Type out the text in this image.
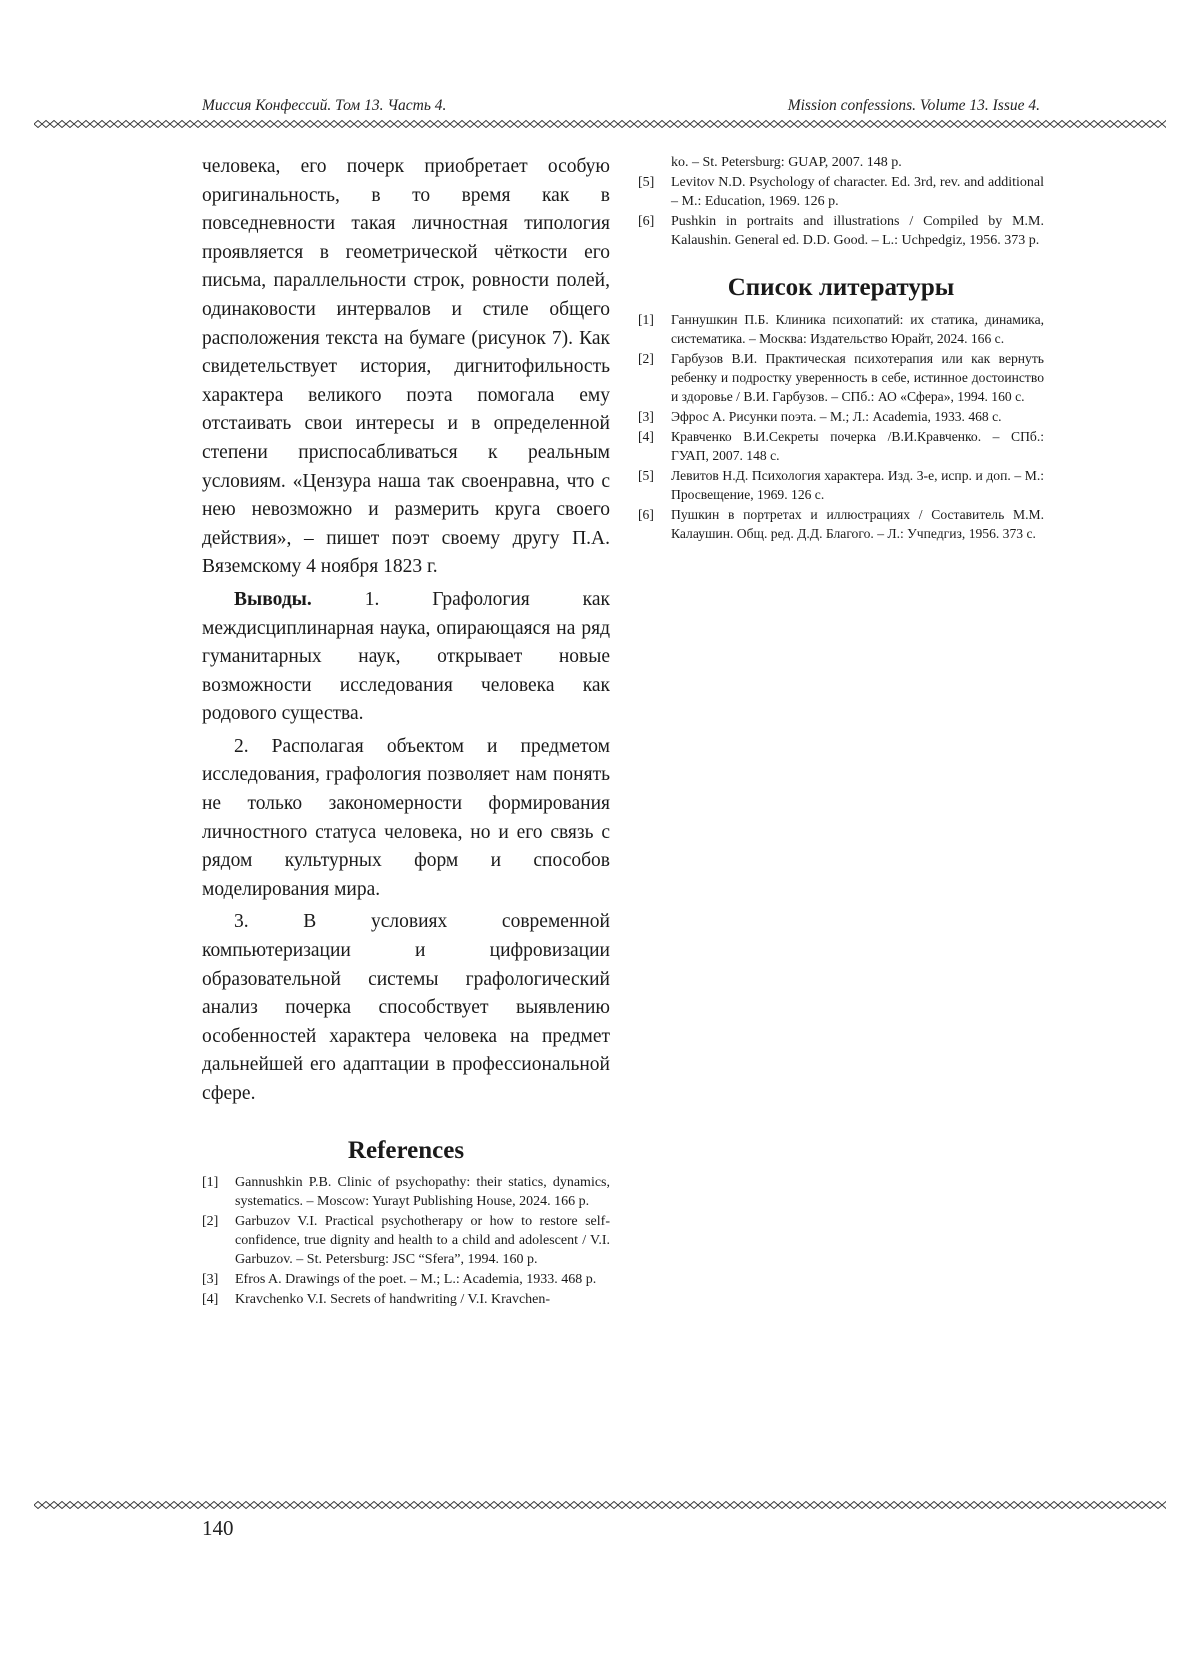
Миссия Конфессий. Том 13. Часть 4.	Mission confessions. Volume 13. Issue 4.

человека, его почерк приобретает особую оригинальность, в то время как в повседневности такая личностная типология проявляется в геометрической чёткости его письма, параллельности строк, ровности полей, одинаковости интервалов и стиле общего расположения текста на бумаге (рисунок 7). Как свидетельствует история, дигнитофильность характера великого поэта помогала ему отстаивать свои интересы и в определенной степени приспосабливаться к реальным условиям. «Цензура наша так своенравна, что с нею невозможно и размерить круга своего действия», – пишет поэт своему другу П.А. Вяземскому 4 ноября 1823 г.

Выводы. 1. Графология как междисциплинарная наука, опирающаяся на ряд гуманитарных наук, открывает новые возможности исследования человека как родового существа.

2. Располагая объектом и предметом исследования, графология позволяет нам понять не только закономерности формирования личностного статуса человека, но и его связь с рядом культурных форм и способов моделирования мира.

3. В условиях современной компьютеризации и цифровизации образовательной системы графологический анализ почерка способствует выявлению особенностей характера человека на предмет дальнейшей его адаптации в профессиональной сфере.

References
[1] Gannushkin P.B. Clinic of psychopathy: their statics, dynamics, systematics. – Moscow: Yurayt Publishing House, 2024. 166 p.
[2] Garbuzov V.I. Practical psychotherapy or how to restore self-confidence, true dignity and health to a child and adolescent / V.I. Garbuzov. – St. Petersburg: JSC “Sfera”, 1994. 160 p.
[3] Efros A. Drawings of the poet. – M.; L.: Academia, 1933. 468 p.
[4] Kravchenko V.I. Secrets of handwriting / V.I. Kravchen-
ko. – St. Petersburg: GUAP, 2007. 148 p.
[5] Levitov N.D. Psychology of character. Ed. 3rd, rev. and additional – M.: Education, 1969. 126 p.
[6] Pushkin in portraits and illustrations / Compiled by M.M. Kalaushin. General ed. D.D. Good. – L.: Uchpedgiz, 1956. 373 p.
Список литературы
[1] Ганнушкин П.Б. Клиника психопатий: их статика, динамика, систематика. – Москва: Издательство Юрайт, 2024. 166 с.
[2] Гарбузов В.И. Практическая психотерапия или как вернуть ребенку и подростку уверенность в себе, истинное достоинство и здоровье / В.И. Гарбузов. – СПб.: АО «Сфера», 1994. 160 с.
[3] Эфрос А. Рисунки поэта. – М.; Л.: Academia, 1933. 468 с.
[4] Кравченко В.И.Секреты почерка /В.И.Кравченко. – СПб.: ГУАП, 2007. 148 с.
[5] Левитов Н.Д. Психология характера. Изд. 3-е, испр. и доп. – М.: Просвещение, 1969. 126 с.
[6] Пушкин в портретах и иллюстрациях / Составитель М.М. Калаушин. Общ. ред. Д.Д. Благого. – Л.: Учпедгиз, 1956. 373 с.
140
